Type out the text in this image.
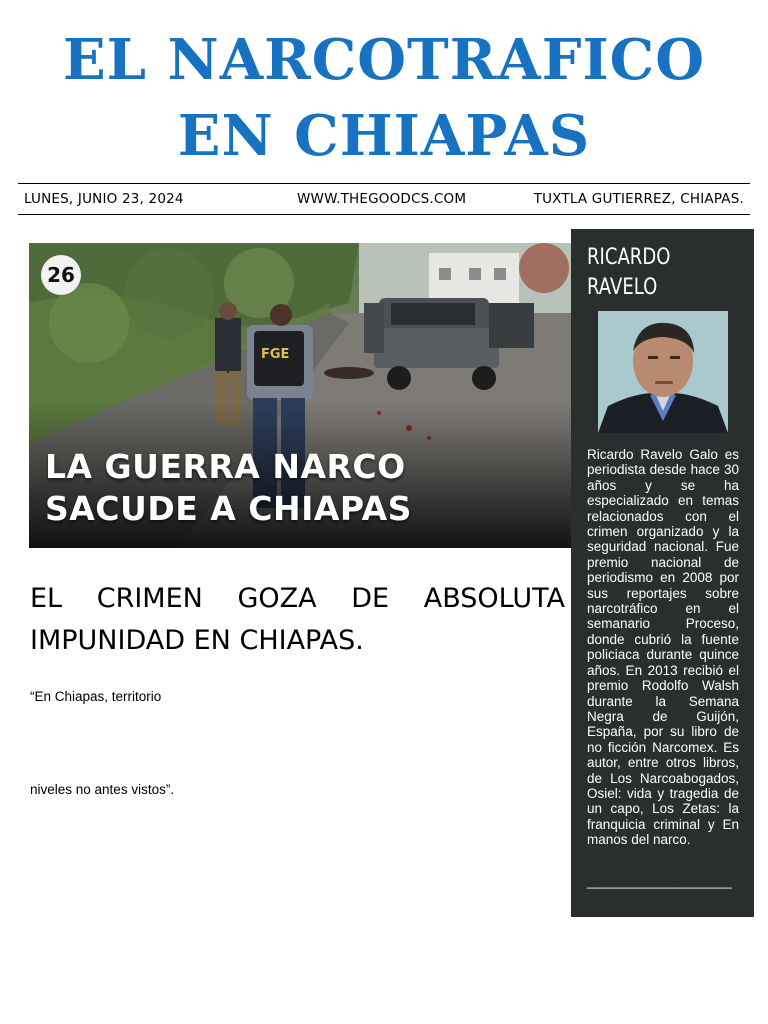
EL NARCOTRAFICO
EN CHIAPAS
LUNES, JUNIO 23, 2024	WWW.THEGOODCS.COM	TUXTLA GUTIERREZ, CHIAPAS.
FGE
26
LA GUERRA NARCO
SACUDE A CHIAPAS
EL CRIMEN GOZA DE ABSOLUTA IMPUNIDAD EN CHIAPAS.
“En Chiapas, territorio
niveles no antes vistos”.
RICARDO
RAVELO
Ricardo Ravelo Galo es periodista desde hace 30 años y se ha especializado en temas relacionados con el crimen organizado y la seguridad nacional. Fue premio nacional de periodismo en 2008 por sus reportajes sobre narcotráfico en el semanario Proceso, donde cubrió la fuente policiaca durante quince años. En 2013 recibió el premio Rodolfo Walsh durante la Semana Negra de Guijón, España, por su libro de no ficción Narcomex. Es autor, entre otros libros, de Los Narcoabogados, Osiel: vida y tragedia de un capo, Los Zetas: la franquicia criminal y En manos del narco.
____________________
